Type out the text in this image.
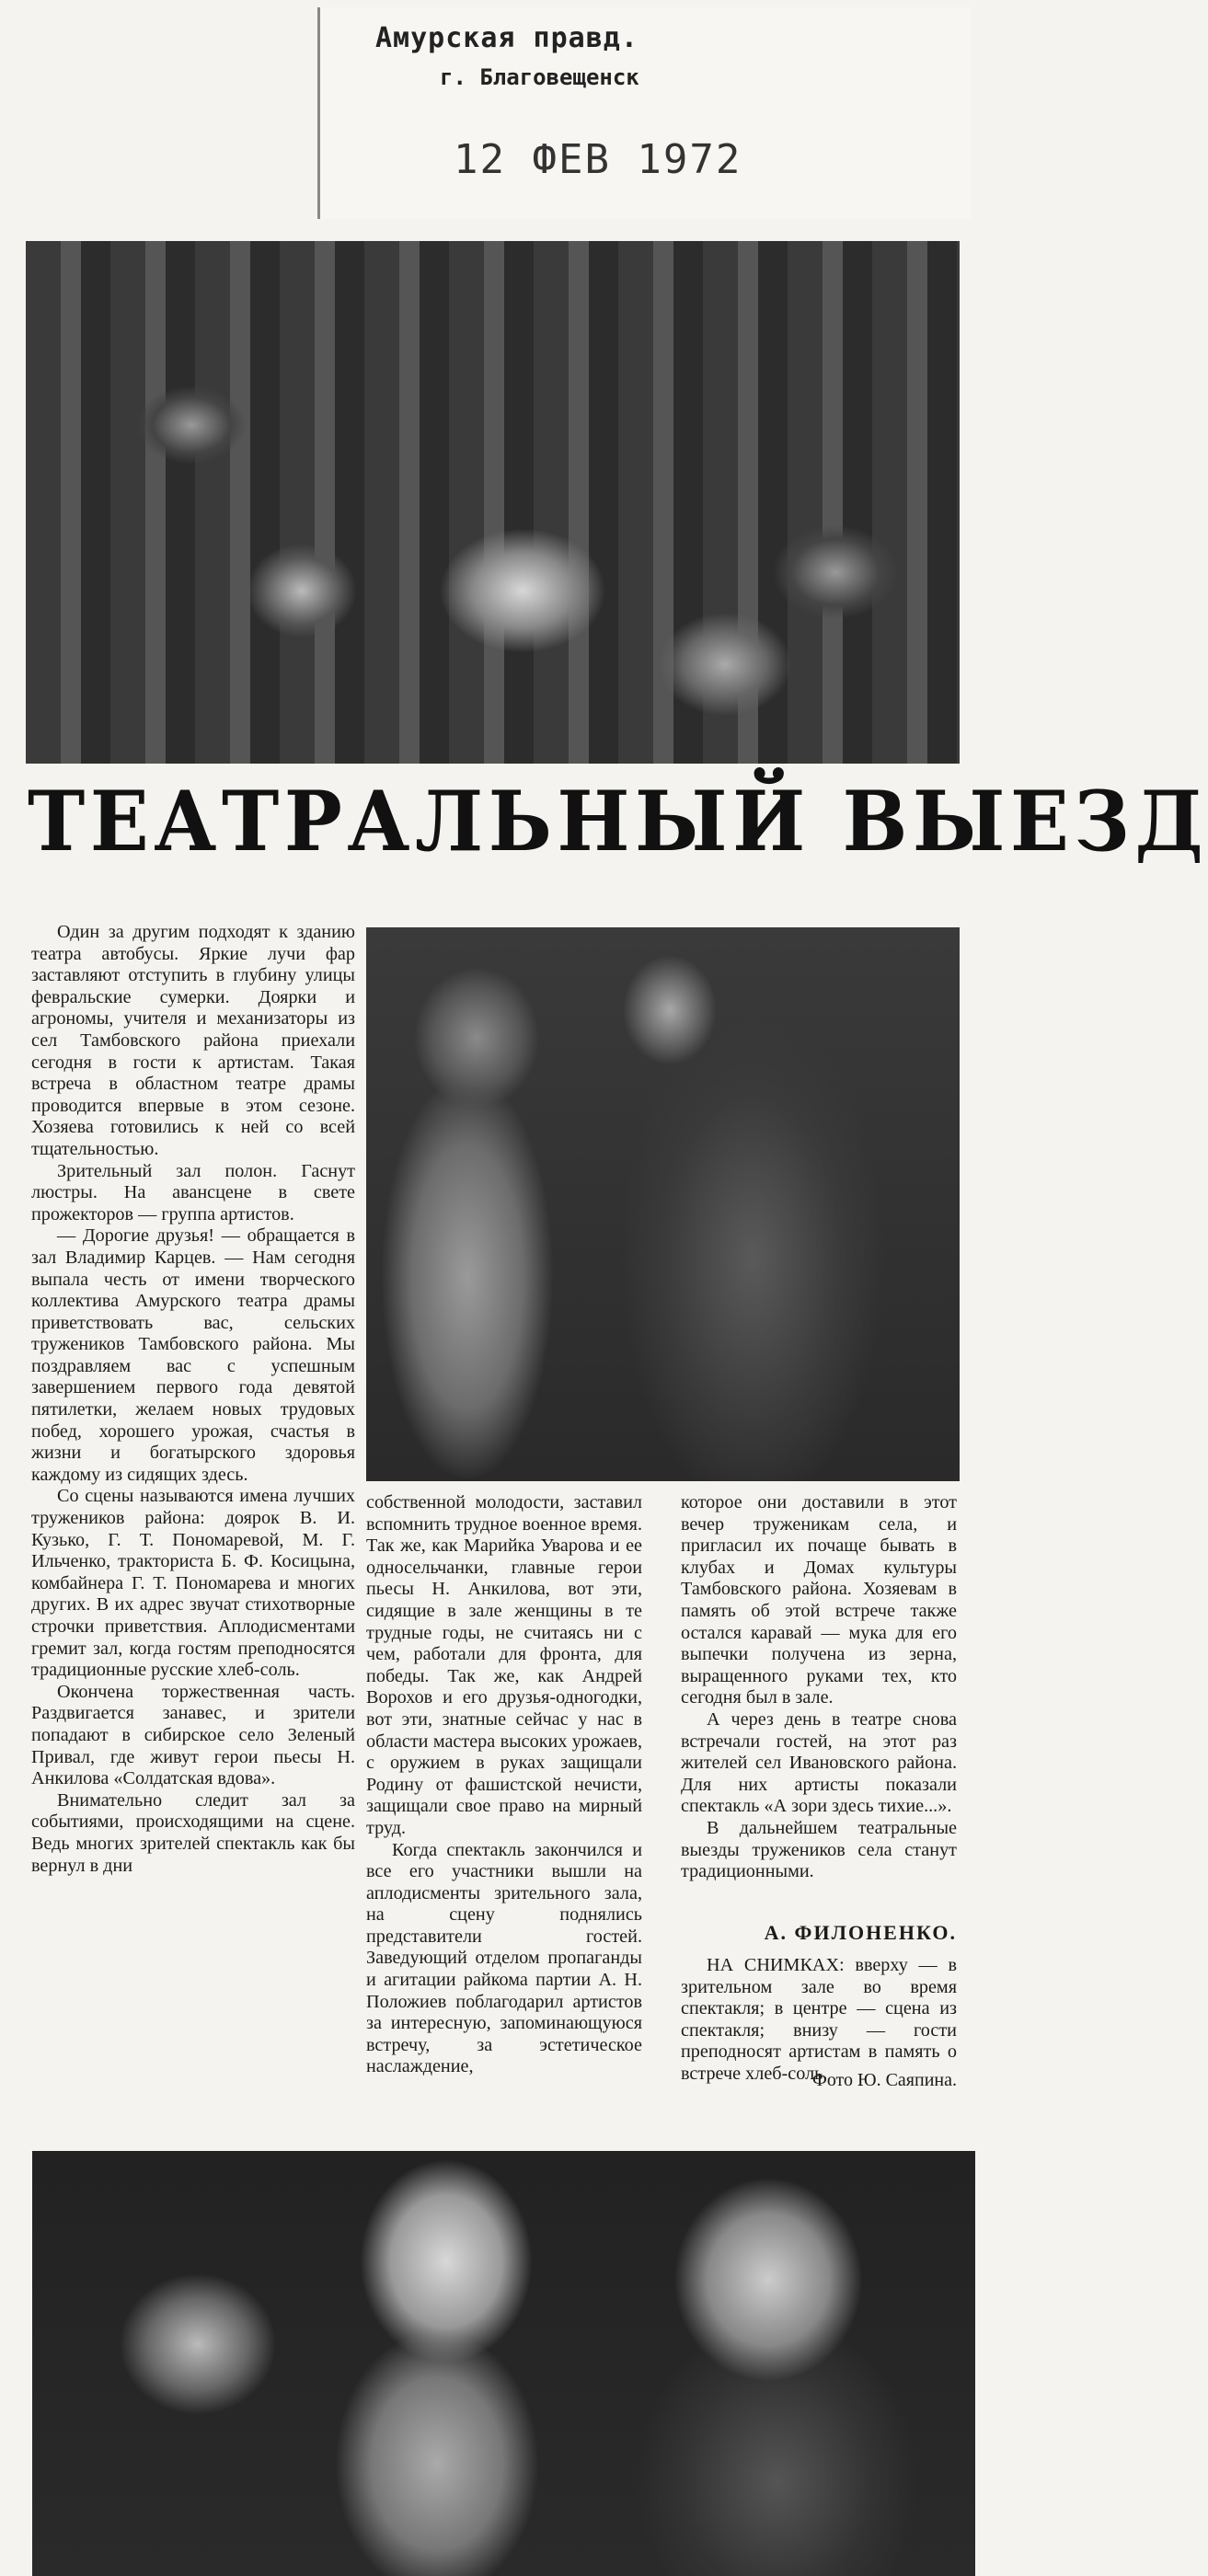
Амурская правд.
г. Благовещенск
12 ФЕВ 1972
ТЕАТРАЛЬНЫЙ ВЫЕЗД

Один за другим подходят к зданию театра автобусы. Яркие лучи фар заставляют отступить в глубину улицы февральские сумерки. Доярки и агрономы, учителя и механизаторы из сел Тамбовского района приехали сегодня в гости к артистам. Такая встреча в областном театре драмы проводится впервые в этом сезоне. Хозяева готовились к ней со всей тщательностью.

Зрительный зал полон. Гаснут люстры. На авансцене в свете прожекторов — группа артистов.

— Дорогие друзья! — обращается в зал Владимир Карцев. — Нам сегодня выпала честь от имени творческого коллектива Амурского театра драмы приветствовать вас, сельских тружеников Тамбовского района. Мы поздравляем вас с успешным завершением первого года девятой пятилетки, желаем новых трудовых побед, хорошего урожая, счастья в жизни и богатырского здоровья каждому из сидящих здесь.

Со сцены называются имена лучших тружеников района: доярок В. И. Кузько, Г. Т. Пономаревой, М. Г. Ильченко, тракториста Б. Ф. Косицына, комбайнера Г. Т. Пономарева и многих других. В их адрес звучат стихотворные строчки приветствия. Аплодисментами гремит зал, когда гостям преподносятся традиционные русские хлеб-соль.

Окончена торжественная часть. Раздвигается занавес, и зрители попадают в сибирское село Зеленый Привал, где живут герои пьесы Н. Анкилова «Солдатская вдова».

Внимательно следит зал за событиями, происходящими на сцене. Ведь многих зрителей спектакль как бы вернул в дни

собственной молодости, заставил вспомнить трудное военное время. Так же, как Марийка Уварова и ее односельчанки, главные герои пьесы Н. Анкилова, вот эти, сидящие в зале женщины в те трудные годы, не считаясь ни с чем, работали для фронта, для победы. Так же, как Андрей Ворохов и его друзья-одногодки, вот эти, знатные сейчас у нас в области мастера высоких урожаев, с оружием в руках защищали Родину от фашистской нечисти, защищали свое право на мирный труд.

Когда спектакль закончился и все его участники вышли на аплодисменты зрительного зала, на сцену поднялись представители гостей. Заведующий отделом пропаганды и агитации райкома партии А. Н. Положиев поблагодарил артистов за интересную, запоминающуюся встречу, за эстетическое наслаждение,

которое они доставили в этот вечер труженикам села, и пригласил их почаще бывать в клубах и Домах культуры Тамбовского района. Хозяевам в память об этой встрече также остался каравай — мука для его выпечки получена из зерна, выращенного руками тех, кто сегодня был в зале.

А через день в театре снова встречали гостей, на этот раз жителей сел Ивановского района. Для них артисты показали спектакль «А зори здесь тихие...».

В дальнейшем театральные выезды тружеников села станут традиционными.

А. ФИЛОНЕНКО.

НА СНИМКАХ: вверху — в зрительном зале во время спектакля; в центре — сцена из спектакля; внизу — гости преподносят артистам в память о встрече хлеб-соль.

Фото Ю. Саяпина.
